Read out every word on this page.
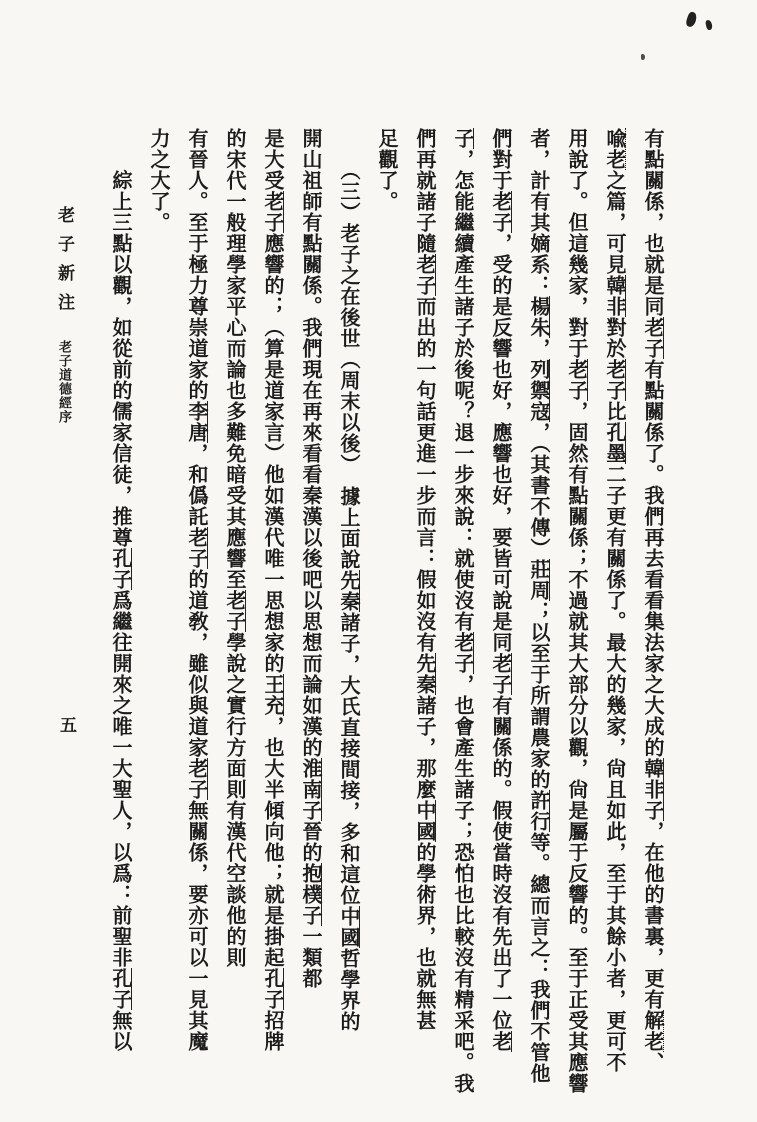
有點關係，也就是同老子有點關係了。我們再去看看集法家之大成的韓非子，在他的書裏，更有解老、
喩老之篇，可見韓非對於老子比孔墨二子更有關係了。最大的幾家，尙且如此，至于其餘小者，更可不
用說了。但這幾家，對于老子，固然有點關係；不過就其大部分以觀，尙是屬于反響的。至于正受其應響
者，計有其嫡系：楊朱，列禦寇，（其書不傳）莊周；以至于所謂農家的許行等。總而言之：我們不管他
們對于老子，受的是反響也好，應響也好，要皆可說是同老子有關係的。假使當時沒有先出了一位老
子，怎能繼續產生諸子於後呢？退一步來說：就使沒有老子，也會產生諸子；恐怕也比較沒有精采吧。我
們再就諸子隨老子而出的一句話更進一步而言：假如沒有先秦諸子，那麼中國的學術界，也就無甚
足觀了。
　　（三）老子之在後世（周末以後）　據上面說先秦諸子，大氏直接間接，多和這位中國哲學界的
開山祖師有點關係。我們現在再來看看秦漢以後吧以思想而論如漢的淮南子晉的抱樸子一類都
是大受老子應響的；（算是道家言）他如漢代唯一思想家的王充，也大半傾向他；就是掛起孔子招牌
的宋代一般理學家平心而論也多難免暗受其應響至老子學說之實行方面則有漢代空談他的則
有晉人。至于極力尊崇道家的李唐，和僞託老子的道敎，雖似與道家老子無關係，要亦可以一見其魔
力之大了。
　　綜上三點以觀，如從前的儒家信徒，推尊孔子爲繼往開來之唯一大聖人，以爲：前聖非孔子無以
老子新注
老子道德經序
五
